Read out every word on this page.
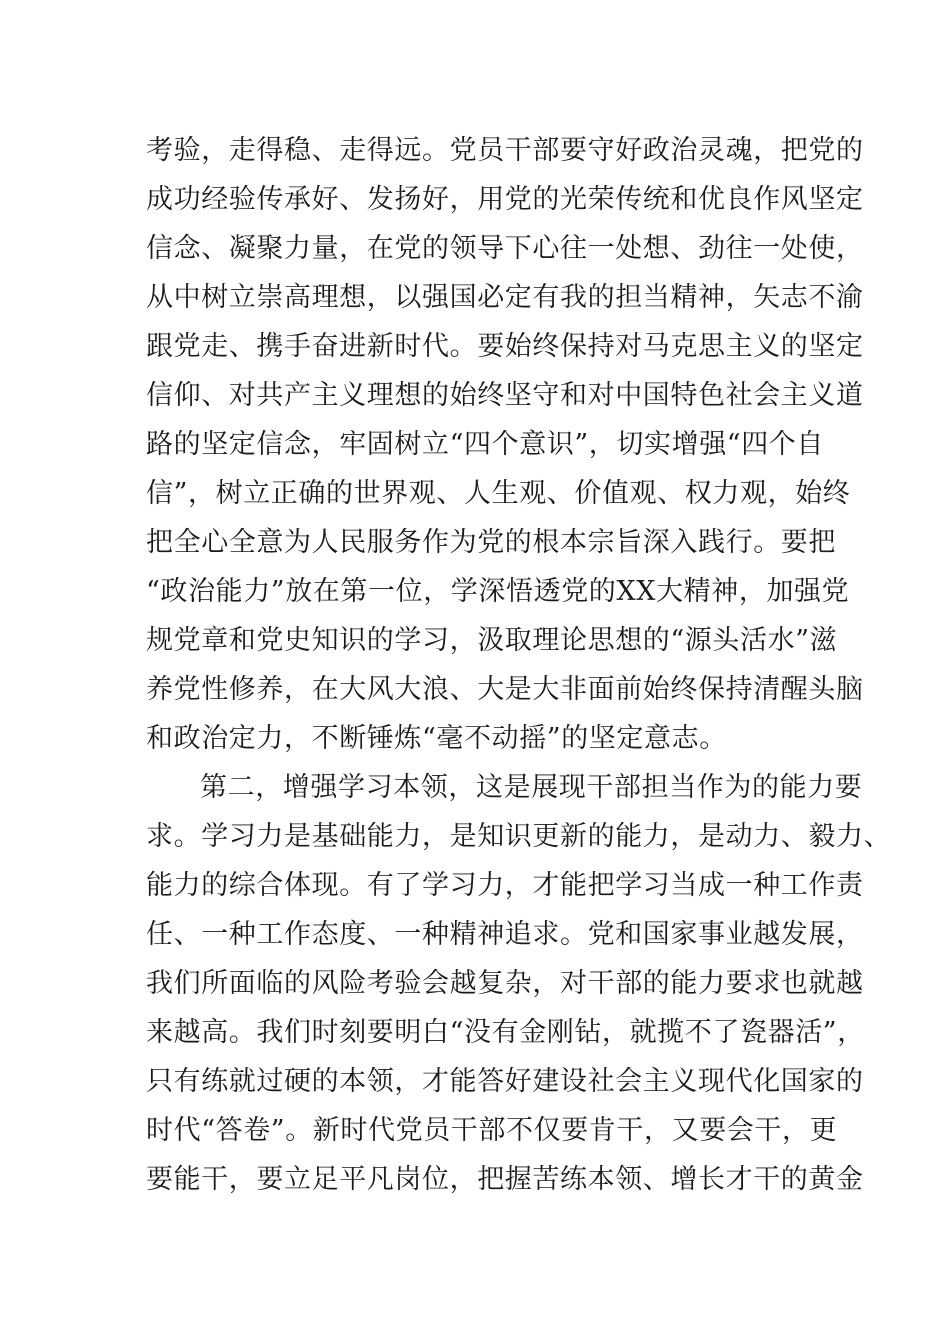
考验，走得稳、走得远。党员干部要守好政治灵魂，把党的
成功经验传承好、发扬好，用党的光荣传统和优良作风坚定
信念、凝聚力量，在党的领导下心往一处想、劲往一处使，
从中树立崇高理想，以强国必定有我的担当精神，矢志不渝
跟党走、携手奋进新时代。要始终保持对马克思主义的坚定
信仰、对共产主义理想的始终坚守和对中国特色社会主义道
路的坚定信念，牢固树立“四个意识”，切实增强“四个自
信”，树立正确的世界观、人生观、价值观、权力观，始终
把全心全意为人民服务作为党的根本宗旨深入践行。要把
“政治能力”放在第一位，学深悟透党的XX大精神，加强党
规党章和党史知识的学习，汲取理论思想的“源头活水”滋
养党性修养，在大风大浪、大是大非面前始终保持清醒头脑
和政治定力，不断锤炼“毫不动摇”的坚定意志。
第二，增强学习本领，这是展现干部担当作为的能力要
求。学习力是基础能力，是知识更新的能力，是动力、毅力、
能力的综合体现。有了学习力，才能把学习当成一种工作责
任、一种工作态度、一种精神追求。党和国家事业越发展，
我们所面临的风险考验会越复杂，对干部的能力要求也就越
来越高。我们时刻要明白“没有金刚钻，就揽不了瓷器活”，
只有练就过硬的本领，才能答好建设社会主义现代化国家的
时代“答卷”。新时代党员干部不仅要肯干，又要会干，更
要能干，要立足平凡岗位，把握苦练本领、增长才干的黄金
